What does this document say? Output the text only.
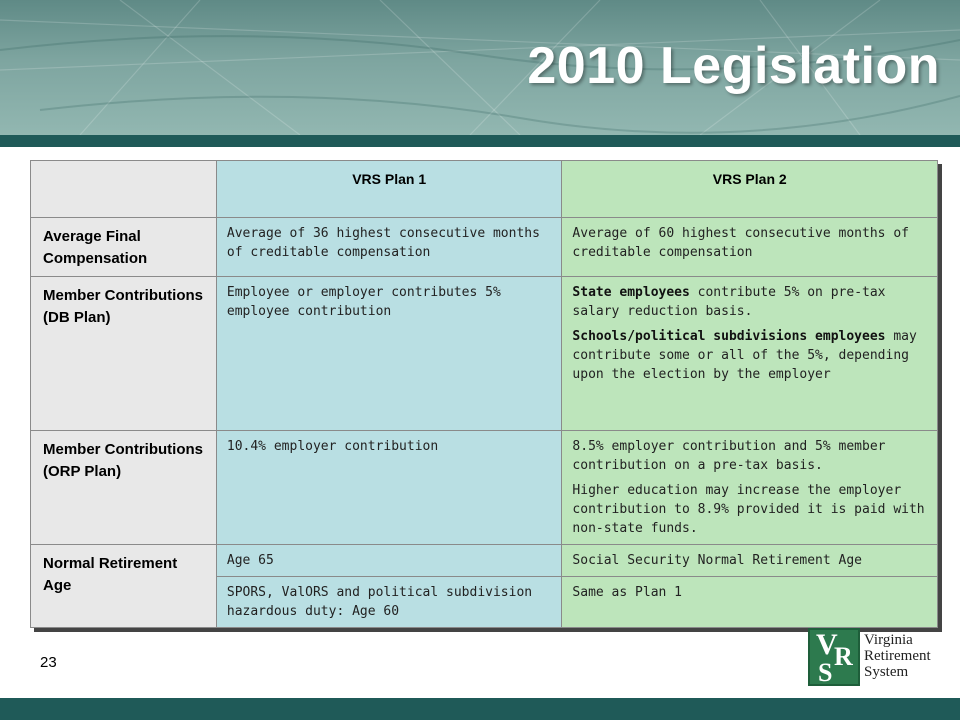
2010 Legislation
	VRS Plan 1	VRS Plan 2
Average Final Compensation	Average of 36 highest consecutive months of creditable compensation	Average of 60 highest consecutive months of creditable compensation

Member Contributions (DB Plan)	Employee or employer contributes 5% employee contribution	State employees contribute 5% on pre-tax salary reduction basis.

Schools/political subdivisions employees may contribute some or all of the 5%, depending upon the election by the employer

Member Contributions (ORP Plan)	10.4% employer contribution	8.5% employer contribution and 5% member contribution on a pre-tax basis.

Higher education may increase the employer contribution to 8.9% provided it is paid with non-state funds.

Normal Retirement Age	Age 65	Social Security Normal Retirement Age

	SPORS, ValORS and political subdivision hazardous duty: Age 60	Same as Plan 1

23
V
R
S
Virginia
Retirement
System
